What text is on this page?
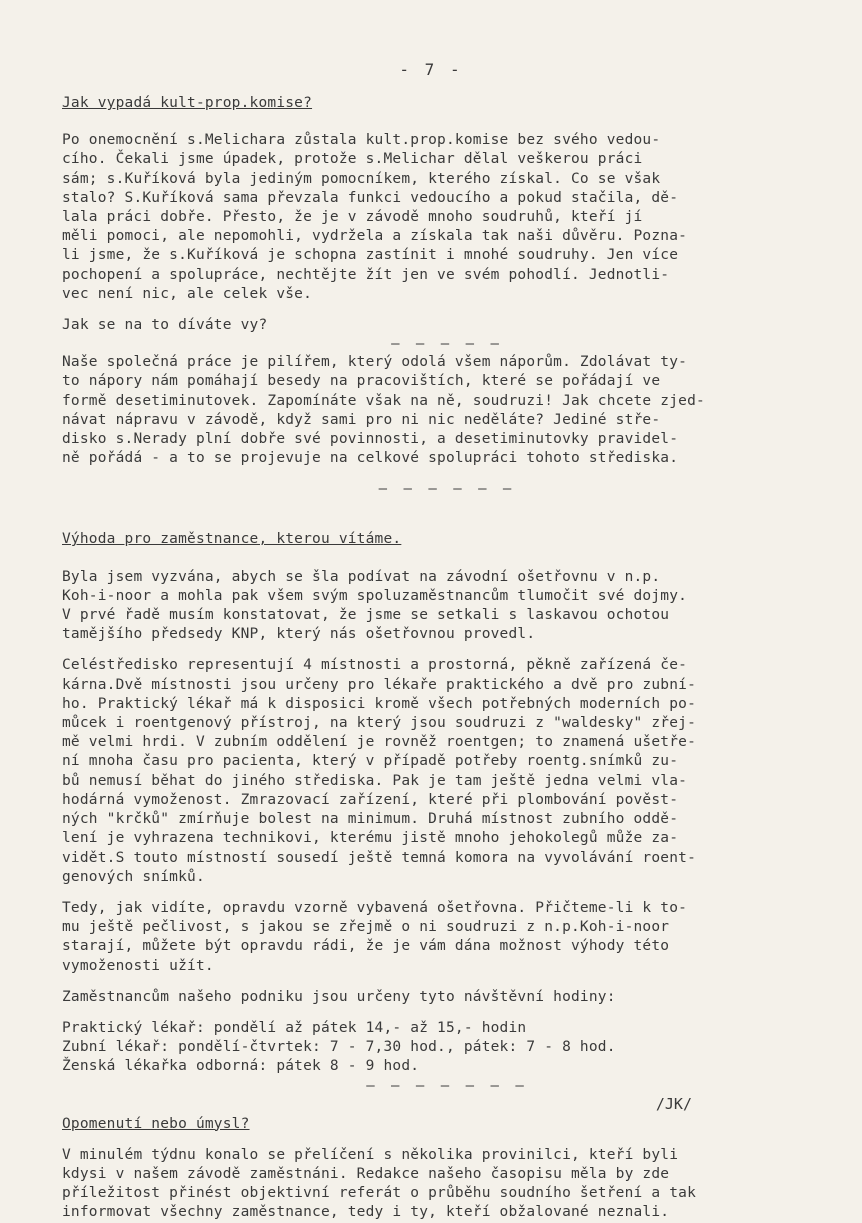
- 7 -
Jak vypadá kult-prop.komise?
Po onemocnění s.Melichara zůstala kult.prop.komise bez svého vedou-
cího. Čekali jsme úpadek, protože s.Melichar dělal veškerou práci
sám; s.Kuříková byla jediným pomocníkem, kterého získal. Co se však
stalo? S.Kuříková sama převzala funkci vedoucího a pokud stačila, dě-
lala práci dobře. Přesto, že je v závodě mnoho soudruhů, kteří jí
měli pomoci, ale nepomohli, vydržela a získala tak naši důvěru. Pozna-
li jsme, že s.Kuříková je schopna zastínit i mnohé soudruhy. Jen více
pochopení a spolupráce, nechtějte žít jen ve svém pohodlí. Jednotli-
vec není nic, ale celek vše.
Jak se na to díváte vy?
— — — — —
Naše společná práce je pilířem, který odolá všem náporům. Zdolávat ty-
to nápory nám pomáhají besedy na pracovištích, které se pořádají ve
formě desetiminutovek. Zapomínáte však na ně, soudruzi! Jak chcete zjed-
návat nápravu v závodě, když sami pro ni nic neděláte? Jediné stře-
disko s.Nerady plní dobře své povinnosti, a desetiminutovky pravidel-
ně pořádá - a to se projevuje na celkové spolupráci tohoto střediska.
— — — — — —
Výhoda pro zaměstnance, kterou vítáme.
Byla jsem vyzvána, abych se šla podívat na závodní ošetřovnu v n.p.
Koh-i-noor a mohla pak všem svým spoluzaměstnancům tlumočit své dojmy.
V prvé řadě musím konstatovat, že jsme se setkali s laskavou ochotou
tamějšího předsedy KNP, který nás ošetřovnou provedl.
Celéstředisko representují 4 místnosti a prostorná, pěkně zařízená če-
kárna.Dvě místnosti jsou určeny pro lékaře praktického a dvě pro zubní-
ho. Praktický lékař má k disposici kromě všech potřebných moderních po-
můcek i roentgenový přístroj, na který jsou soudruzi z "waldesky" zřej-
mě velmi hrdi. V zubním oddělení je rovněž roentgen; to znamená ušetře-
ní mnoha času pro pacienta, který v případě potřeby roentg.snímků zu-
bů nemusí běhat do jiného střediska. Pak je tam ještě jedna velmi vla-
hodárná vymoženost. Zmrazovací zařízení, které při plombování pověst-
ných "krčků" zmírňuje bolest na minimum. Druhá místnost zubního oddě-
lení je vyhrazena technikovi, kterému jistě mnoho jehokolegů může za-
vidět.S touto místností sousedí ještě temná komora na vyvolávání roent-
genových snímků.
Tedy, jak vidíte, opravdu vzorně vybavená ošetřovna. Přičteme-li k to-
mu ještě pečlivost, s jakou se zřejmě o ni soudruzi z n.p.Koh-i-noor
starají, můžete být opravdu rádi, že je vám dána možnost výhody této
vymoženosti užít.
Zaměstnancům našeho podniku jsou určeny tyto návštěvní hodiny:
Praktický lékař: pondělí až pátek 14,- až 15,- hodin
Zubní lékař: pondělí-čtvrtek: 7 - 7,30 hod., pátek: 7 - 8 hod.
Ženská lékařka odborná: pátek 8 - 9 hod.
— — — — — — —
/JK/
Opomenutí nebo úmysl?
V minulém týdnu konalo se přelíčení s několika provinilci, kteří byli
kdysi v našem závodě zaměstnáni. Redakce našeho časopisu měla by zde
příležitost přinést objektivní referát o průběhu soudního šetření a tak
informovat všechny zaměstnance, tedy i ty, kteří obžalované neznali.
